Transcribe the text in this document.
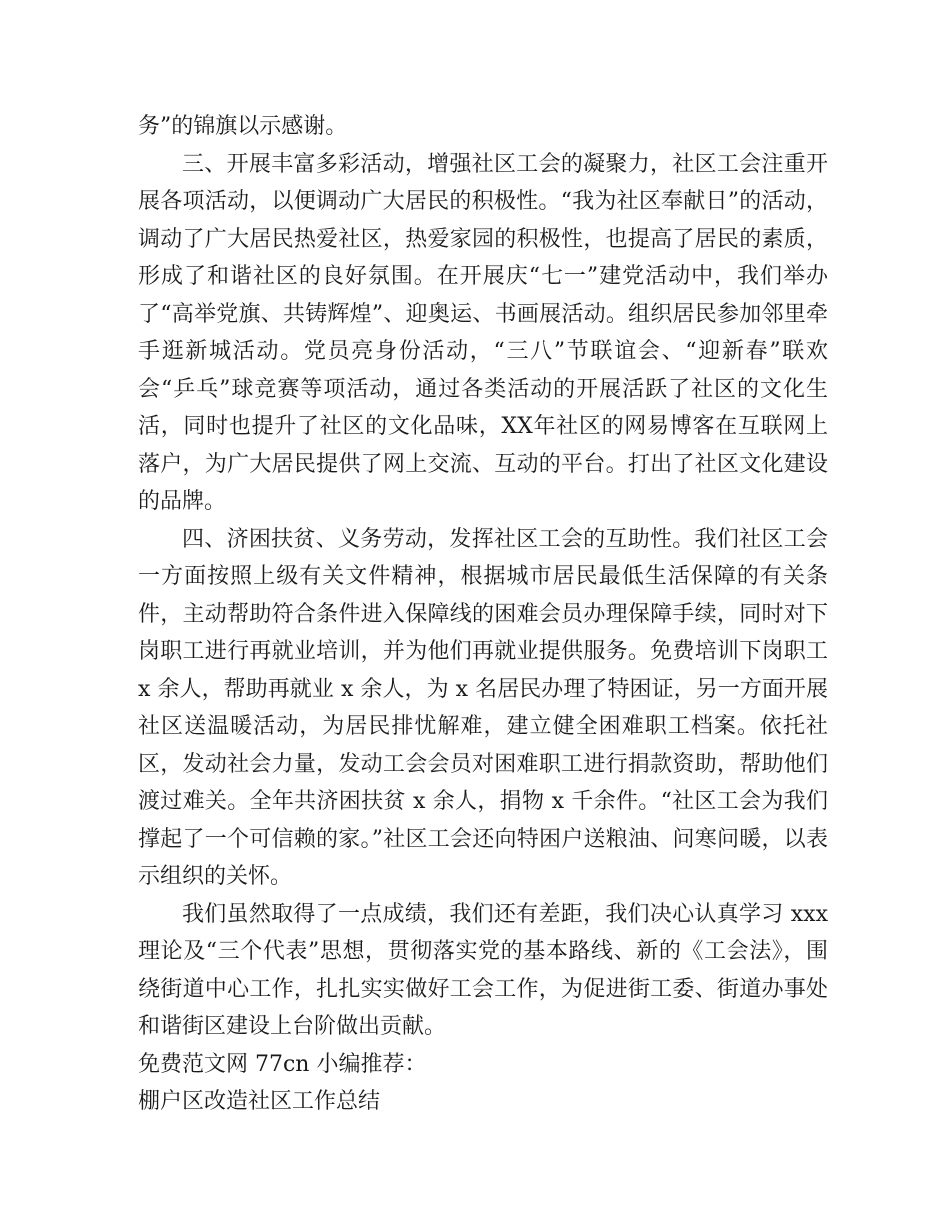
务”的锦旗以示感谢。

三、开展丰富多彩活动，增强社区工会的凝聚力，社区工会注重开展各项活动，以便调动广大居民的积极性。“我为社区奉献日”的活动，调动了广大居民热爱社区，热爱家园的积极性，也提高了居民的素质，形成了和谐社区的良好氛围。在开展庆“七一”建党活动中，我们举办了“高举党旗、共铸辉煌”、迎奥运、书画展活动。组织居民参加邻里牵手逛新城活动。党员亮身份活动，“三八”节联谊会、“迎新春”联欢会“乒乓”球竞赛等项活动，通过各类活动的开展活跃了社区的文化生活，同时也提升了社区的文化品味，XX年社区的网易博客在互联网上落户，为广大居民提供了网上交流、互动的平台。打出了社区文化建设的品牌。

四、济困扶贫、义务劳动，发挥社区工会的互助性。我们社区工会一方面按照上级有关文件精神，根据城市居民最低生活保障的有关条件，主动帮助符合条件进入保障线的困难会员办理保障手续，同时对下岗职工进行再就业培训，并为他们再就业提供服务。免费培训下岗职工 x 余人，帮助再就业 x 余人，为 x 名居民办理了特困证，另一方面开展社区送温暖活动，为居民排忧解难，建立健全困难职工档案。依托社区，发动社会力量，发动工会会员对困难职工进行捐款资助，帮助他们渡过难关。全年共济困扶贫 x 余人，捐物 x 千余件。“社区工会为我们撑起了一个可信赖的家。”社区工会还向特困户送粮油、问寒问暖，以表示组织的关怀。

我们虽然取得了一点成绩，我们还有差距，我们决心认真学习 xxx 理论及“三个代表”思想，贯彻落实党的基本路线、新的《工会法》，围绕街道中心工作，扎扎实实做好工会工作，为促进街工委、街道办事处和谐街区建设上台阶做出贡献。

免费范文网 77cn 小编推荐：

棚户区改造社区工作总结
